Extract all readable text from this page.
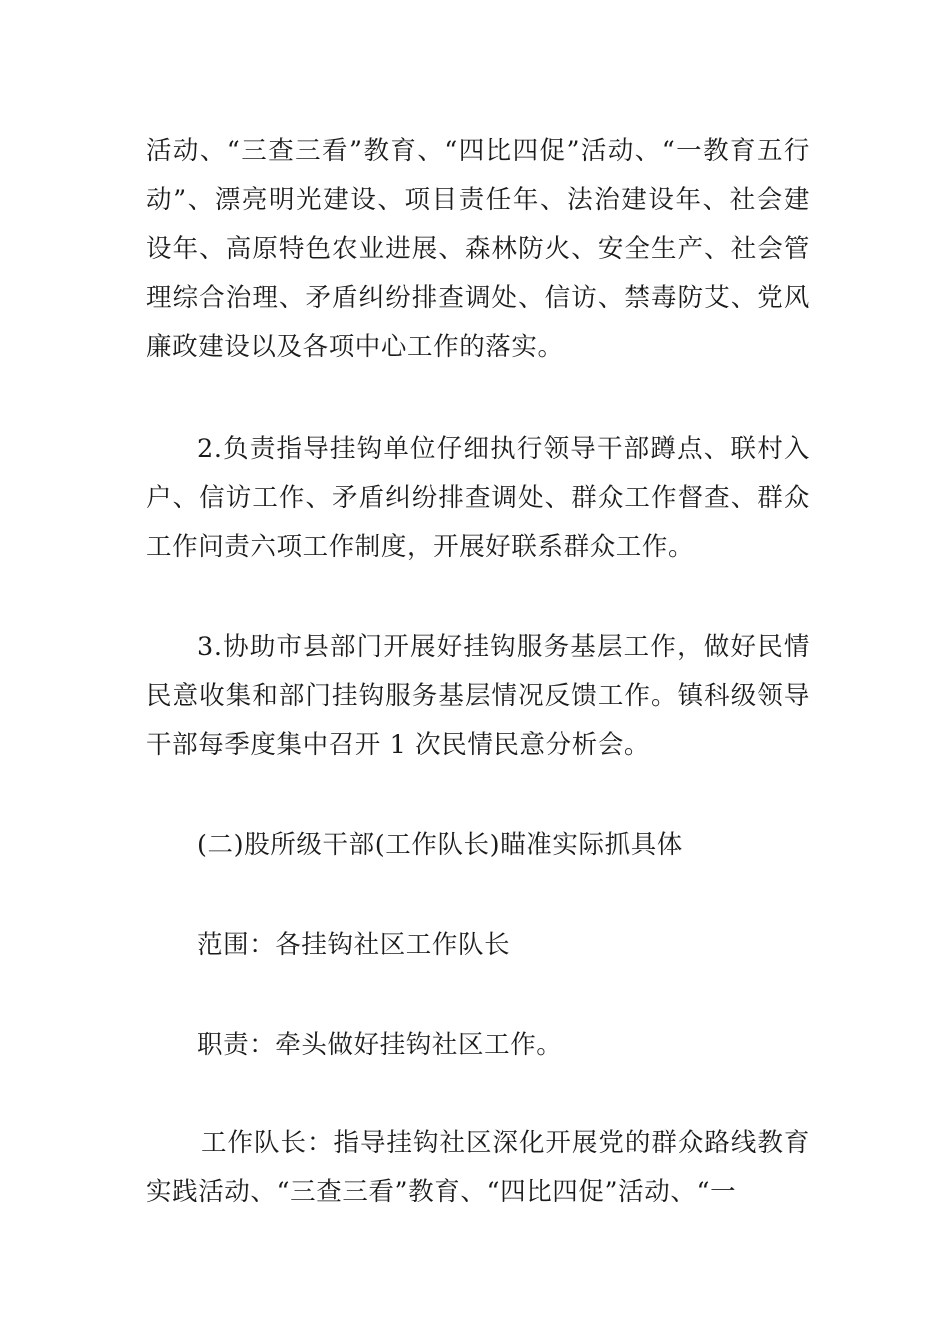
活动、“三查三看”教育、“四比四促”活动、“一教育五行动”、漂亮明光建设、项目责任年、法治建设年、社会建设年、高原特色农业进展、森林防火、安全生产、社会管理综合治理、矛盾纠纷排查调处、信访、禁毒防艾、党风廉政建设以及各项中心工作的落实。

2.负责指导挂钩单位仔细执行领导干部蹲点、联村入户、信访工作、矛盾纠纷排查调处、群众工作督查、群众工作问责六项工作制度，开展好联系群众工作。

3.协助市县部门开展好挂钩服务基层工作，做好民情民意收集和部门挂钩服务基层情况反馈工作。镇科级领导干部每季度集中召开 1 次民情民意分析会。

(二)股所级干部(工作队长)瞄准实际抓具体

范围：各挂钩社区工作队长

职责：牵头做好挂钩社区工作。

工作队长：指导挂钩社区深化开展党的群众路线教育实践活动、“三查三看”教育、“四比四促”活动、“一
